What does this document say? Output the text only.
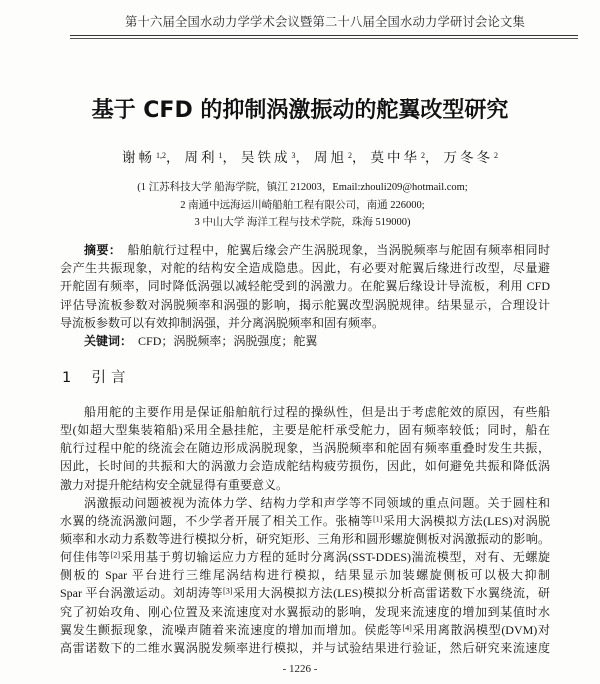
第十六届全国水动力学学术会议暨第二十八届全国水动力学研讨会论文集
基于 CFD 的抑制涡激振动的舵翼改型研究
谢畅$^{1,2}$， 周利$^1$， 吴铁成$^3$， 周旭$^2$， 莫中华$^2$， 万冬冬$^2$
(1 江苏科技大学 船海学院，镇江 212003，Email:zhouli209@hotmail.com;
2 南通中远海运川崎船舶工程有限公司，南通 226000;
3 中山大学 海洋工程与技术学院，珠海 519000)
摘要： 船舶航行过程中，舵翼后缘会产生涡脱现象，当涡脱频率与舵固有频率相同时
会产生共振现象，对舵的结构安全造成隐患。因此，有必要对舵翼后缘进行改型，尽量避
开舵固有频率，同时降低涡强以减轻舵受到的涡激力。在舵翼后缘设计导流板，利用 CFD
评估导流板参数对涡脱频率和涡强的影响，揭示舵翼改型涡脱规律。结果显示，合理设计
导流板参数可以有效抑制涡强，并分离涡脱频率和固有频率。
关键词： CFD；涡脱频率；涡脱强度；舵翼
1 引言
船用舵的主要作用是保证船舶航行过程的操纵性，但是出于考虑舵效的原因，有些船
型(如超大型集装箱船)采用全悬挂舵，主要是舵杆承受舵力，固有频率较低；同时，船在
航行过程中舵的绕流会在随边形成涡脱现象，当涡脱频率和舵固有频率重叠时发生共振，
因此，长时间的共振和大的涡激力会造成舵结构疲劳损伤，因此，如何避免共振和降低涡
激力对提升舵结构安全就显得有重要意义。
涡激振动问题被视为流体力学、结构力学和声学等不同领域的重点问题。关于圆柱和
水翼的绕流涡激问题，不少学者开展了相关工作。张楠等[1]采用大涡模拟方法(LES)对涡脱
频率和水动力系数等进行模拟分析，研究矩形、三角形和圆形螺旋侧板对涡激振动的影响。
何佳伟等[2]采用基于剪切输运应力方程的延时分离涡(SST-DDES)湍流模型，对有、无螺旋
侧板的 Spar 平台进行三维尾涡结构进行模拟，结果显示加装螺旋侧板可以极大抑制
Spar 平台涡激运动。刘胡涛等[3]采用大涡模拟方法(LES)模拟分析高雷诺数下水翼绕流，研
究了初始攻角、刚心位置及来流速度对水翼振动的影响，发现来流速度的增加到某值时水
翼发生颤振现象，流噪声随着来流速度的增加而增加。侯彪等[4]采用离散涡模型(DVM)对
高雷诺数下的二维水翼涡脱发频率进行模拟，并与试验结果进行验证，然后研究来流速度
- 1226 -
